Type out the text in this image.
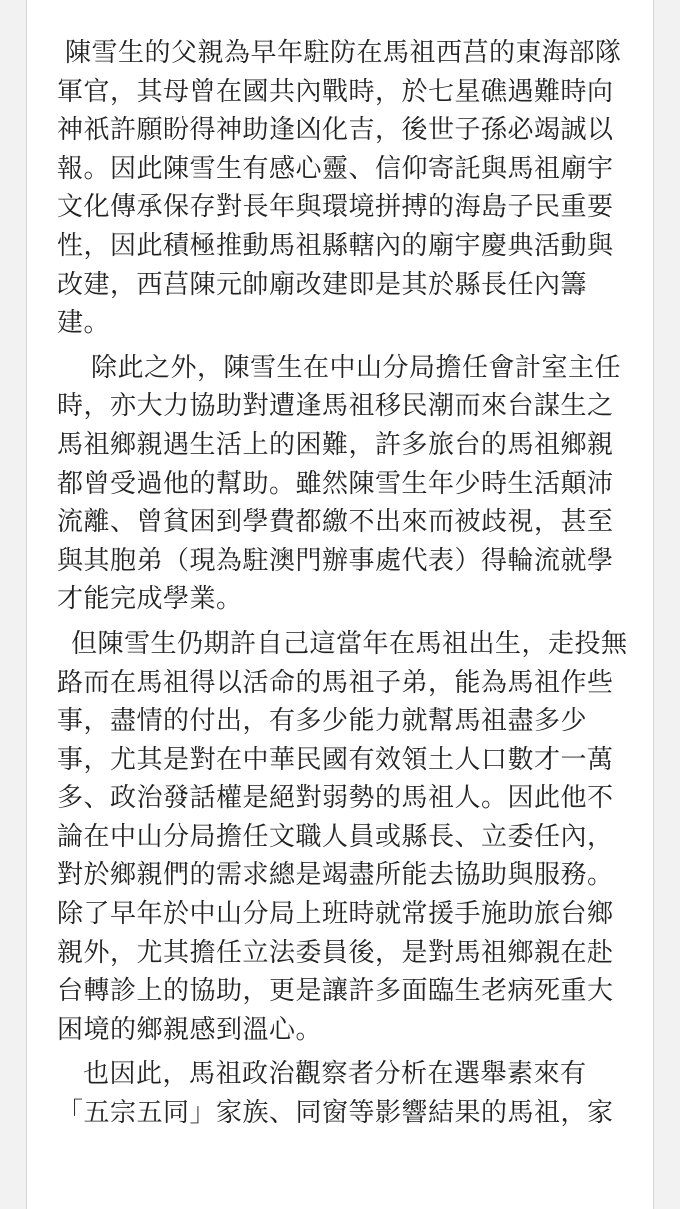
陳雪生的父親為早年駐防在馬祖西莒的東海部隊
軍官，其母曾在國共內戰時，於七星礁遇難時向
神祇許願盼得神助逢凶化吉，後世子孫必竭誠以
報。因此陳雪生有感心靈、信仰寄託與馬祖廟宇
文化傳承保存對長年與環境拼搏的海島子民重要
性，因此積極推動馬祖縣轄內的廟宇慶典活動與
改建，西莒陳元帥廟改建即是其於縣長任內籌
建。
除此之外，陳雪生在中山分局擔任會計室主任
時，亦大力協助對遭逢馬祖移民潮而來台謀生之
馬祖鄉親遇生活上的困難，許多旅台的馬祖鄉親
都曾受過他的幫助。雖然陳雪生年少時生活顛沛
流離、曾貧困到學費都繳不出來而被歧視，甚至
與其胞弟（現為駐澳門辦事處代表）得輪流就學
才能完成學業。
但陳雪生仍期許自己這當年在馬祖出生，走投無
路而在馬祖得以活命的馬祖子弟，能為馬祖作些
事，盡情的付出，有多少能力就幫馬祖盡多少
事，尤其是對在中華民國有效領土人口數才一萬
多、政治發話權是絕對弱勢的馬祖人。因此他不
論在中山分局擔任文職人員或縣長、立委任內，
對於鄉親們的需求總是竭盡所能去協助與服務。
除了早年於中山分局上班時就常援手施助旅台鄉
親外，尤其擔任立法委員後，是對馬祖鄉親在赴
台轉診上的協助，更是讓許多面臨生老病死重大
困境的鄉親感到溫心。
也因此，馬祖政治觀察者分析在選舉素來有
「五宗五同」家族、同窗等影響結果的馬祖，家
